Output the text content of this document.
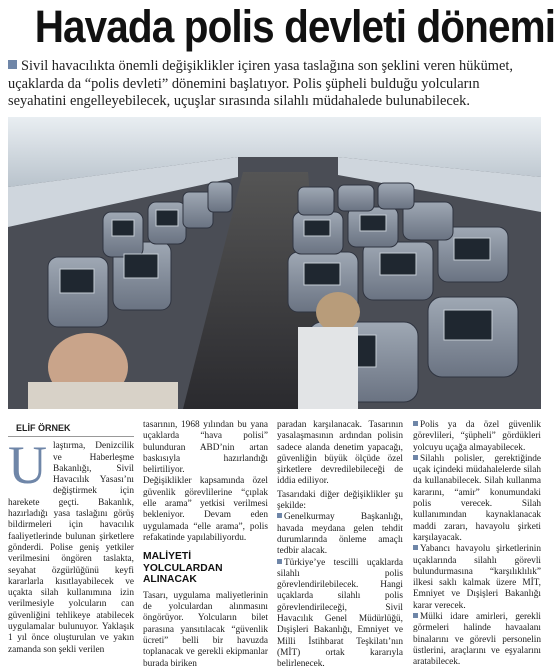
Havada polis devleti dönemi
Sivil havacılıkta önemli değişiklikler içiren yasa taslağına son şeklini veren hükümet, uçaklarda da “polis devleti” dönemini başlatıyor. Polis şüpheli bulduğu yolcuların seyahatini engelleyebilecek, uçuşlar sırasında silahlı müdahalede bulunabilecek.
ELİF ÖRNEK

Ulaştırma, Denizcilik ve Haberleşme Bakanlığı, Sivil Havacılık Yasası’nı değiştirmek için harekete geçti. Bakanlık, hazırladığı yasa taslağını görüş bildirmeleri için havacılık faaliyetlerinde bulunan şirketlere gönderdi. Polise geniş yetkiler verilmesini öngören taslakta, seyahat özgürlüğünü keyfi kararlarla kısıtlayabilecek ve uçakta silah kullanımına izin verilmesiyle yolcuların can güvenliğini tehlikeye atabilecek uygulamalar bulunuyor. Yaklaşık 1 yıl önce oluşturulan ve yakın zamanda son şekli verilen

tasarının, 1968 yılından bu yana uçaklarda “hava polisi” bulunduran ABD’nin artan baskısıyla hazırlandığı belirtiliyor.

Değişiklikler kapsamında özel güvenlik görevlilerine “çıplak elle arama” yetkisi verilmesi bekleniyor. Devam eden uygulamada “elle arama”, polis refakatinde yapılabiliyordu.

MALİYETİ YOLCULARDAN ALINACAK

Tasarı, uygulama maliyetlerinin de yolculardan alınmasını öngörüyor. Yolcuların bilet parasına yansıtılacak “güvenlik ücreti” belli bir havuzda toplanacak ve gerekli ekipmanlar burada biriken

paradan karşılanacak. Tasarının yasalaşmasının ardından polisin sadece alanda denetim yapacağı, güvenliğin büyük ölçüde özel şirketlere devredilebileceği de iddia ediliyor.

Tasarıdaki diğer değişiklikler şu şekilde:

Genelkurmay Başkanlığı, havada meydana gelen tehdit durumlarında önleme amaçlı tedbir alacak.

Türkiye’ye tescilli uçaklarda silahlı polis görevlendirilebilecek. Hangi uçaklarda silahlı polis görevlendirileceği, Sivil Havacılık Genel Müdürlüğü, Dışişleri Bakanlığı, Emniyet ve Milli İstihbarat Teşkilatı’nın (MİT) ortak kararıyla belirlenecek.

Polis ya da özel güvenlik görevlileri, “şüpheli” gördükleri yolcuyu uçağa almayabilecek.

Silahlı polisler, gerektiğinde uçak içindeki müdahalelerde silah da kullanabilecek. Silah kullanma kararını, “amir” konumundaki polis verecek. Silah kullanımından kaynaklanacak maddi zararı, havayolu şirketi karşılayacak.

Yabancı havayolu şirketlerinin uçaklarında silahlı görevli bulundurmasına “karşılıklılık” ilkesi saklı kalmak üzere MİT, Emniyet ve Dışişleri Bakanlığı karar verecek.

Mülki idare amirleri, gerekli görmeleri halinde havaalanı binalarını ve görevli personelin üstlerini, araçlarını ve eşyalarını aratabilecek.
